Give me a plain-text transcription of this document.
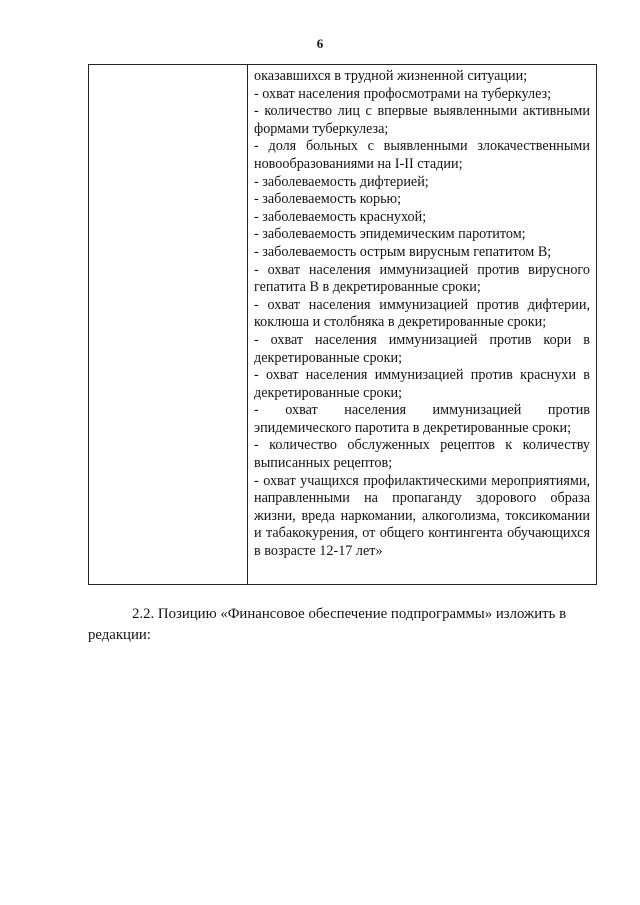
6

оказавшихся в трудной жизненной ситуации;

- охват населения профосмотрами на туберкулез;

- количество лиц с впервые выявленными активными формами туберкулеза;

- доля больных с выявленными злокачественными новообразованиями на I-II стадии;

- заболеваемость дифтерией;

- заболеваемость корью;

- заболеваемость краснухой;

- заболеваемость эпидемическим паротитом;

- заболеваемость острым вирусным гепатитом В;

- охват населения иммунизацией против вирусного гепатита В в декретированные сроки;

- охват населения иммунизацией против дифтерии, коклюша и столбняка в декретированные сроки;

- охват населения иммунизацией против кори в декретированные сроки;

- охват населения иммунизацией против краснухи в декретированные сроки;

- охват населения иммунизацией против эпидемического паротита в декретированные сроки;

- количество обслуженных рецептов к количеству выписанных рецептов;

- охват учащихся профилактическими мероприятиями, направленными на пропаганду здорового образа жизни, вреда наркомании, алкоголизма, токсикомании и табакокурения, от общего контингента обучающихся в возрасте 12-17 лет»

2.2. Позицию «Финансовое обеспечение подпрограммы» изложить в редакции:
